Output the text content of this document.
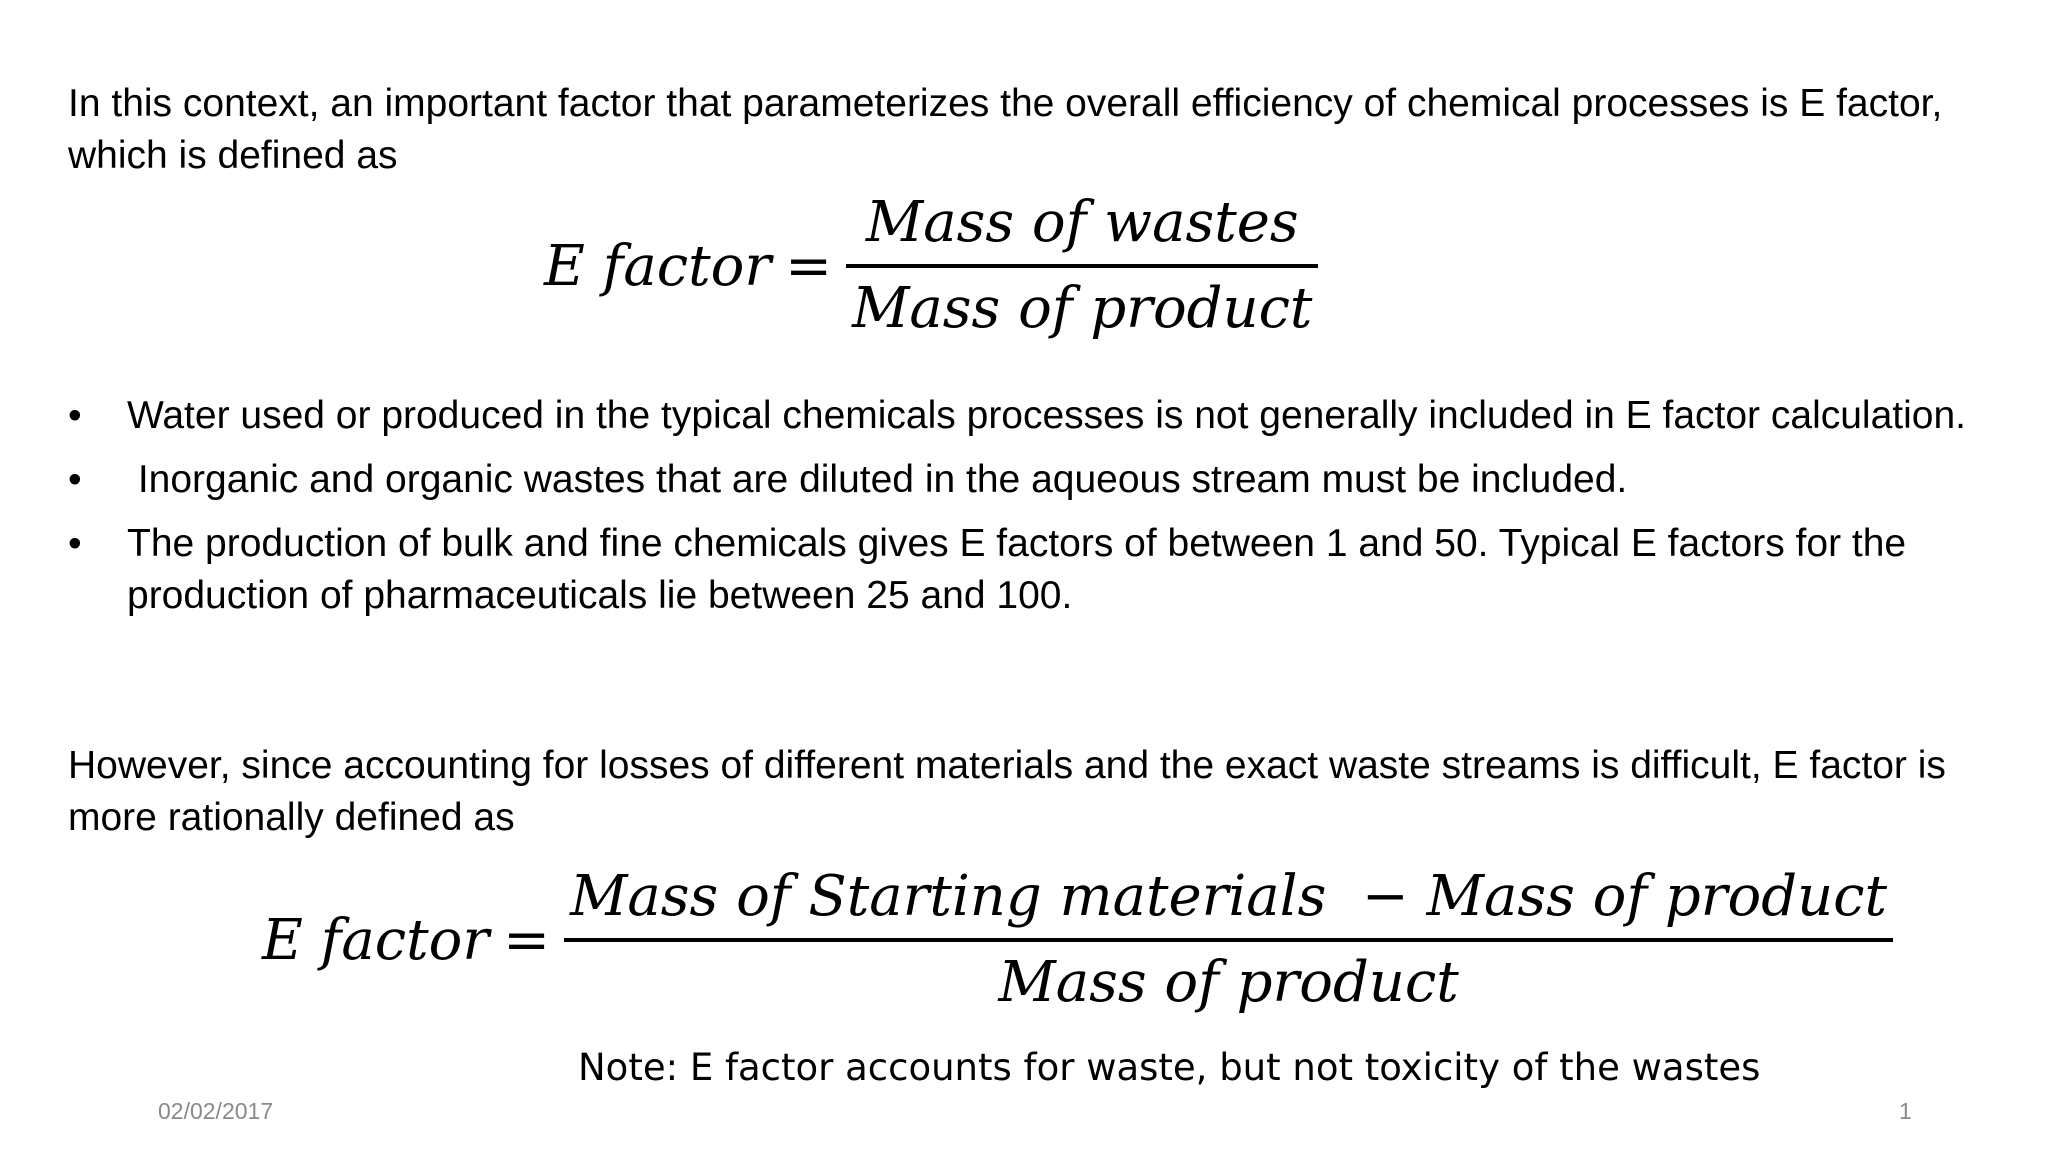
In this context, an important factor that parameterizes the overall efficiency of chemical processes is E factor, which is defined as

E factor = $\frac{\text{Mass of wastes}}{\text{Mass of product}}$
•	Water used or produced in the typical chemicals processes is not generally included in E factor calculation.
•	Inorganic and organic wastes that are diluted in the aqueous stream must be included.
•	The production of bulk and fine chemicals gives E factors of between 1 and 50. Typical E factors for the production of pharmaceuticals lie between 25 and 100.

However, since accounting for losses of different materials and the exact waste streams is difficult, E factor is more rationally defined as

E factor = $\frac{\text{Mass of Starting materials  − Mass of product}}{\text{Mass of product}}$

Note: E factor accounts for waste, but not toxicity of the wastes

02/02/2017	1
